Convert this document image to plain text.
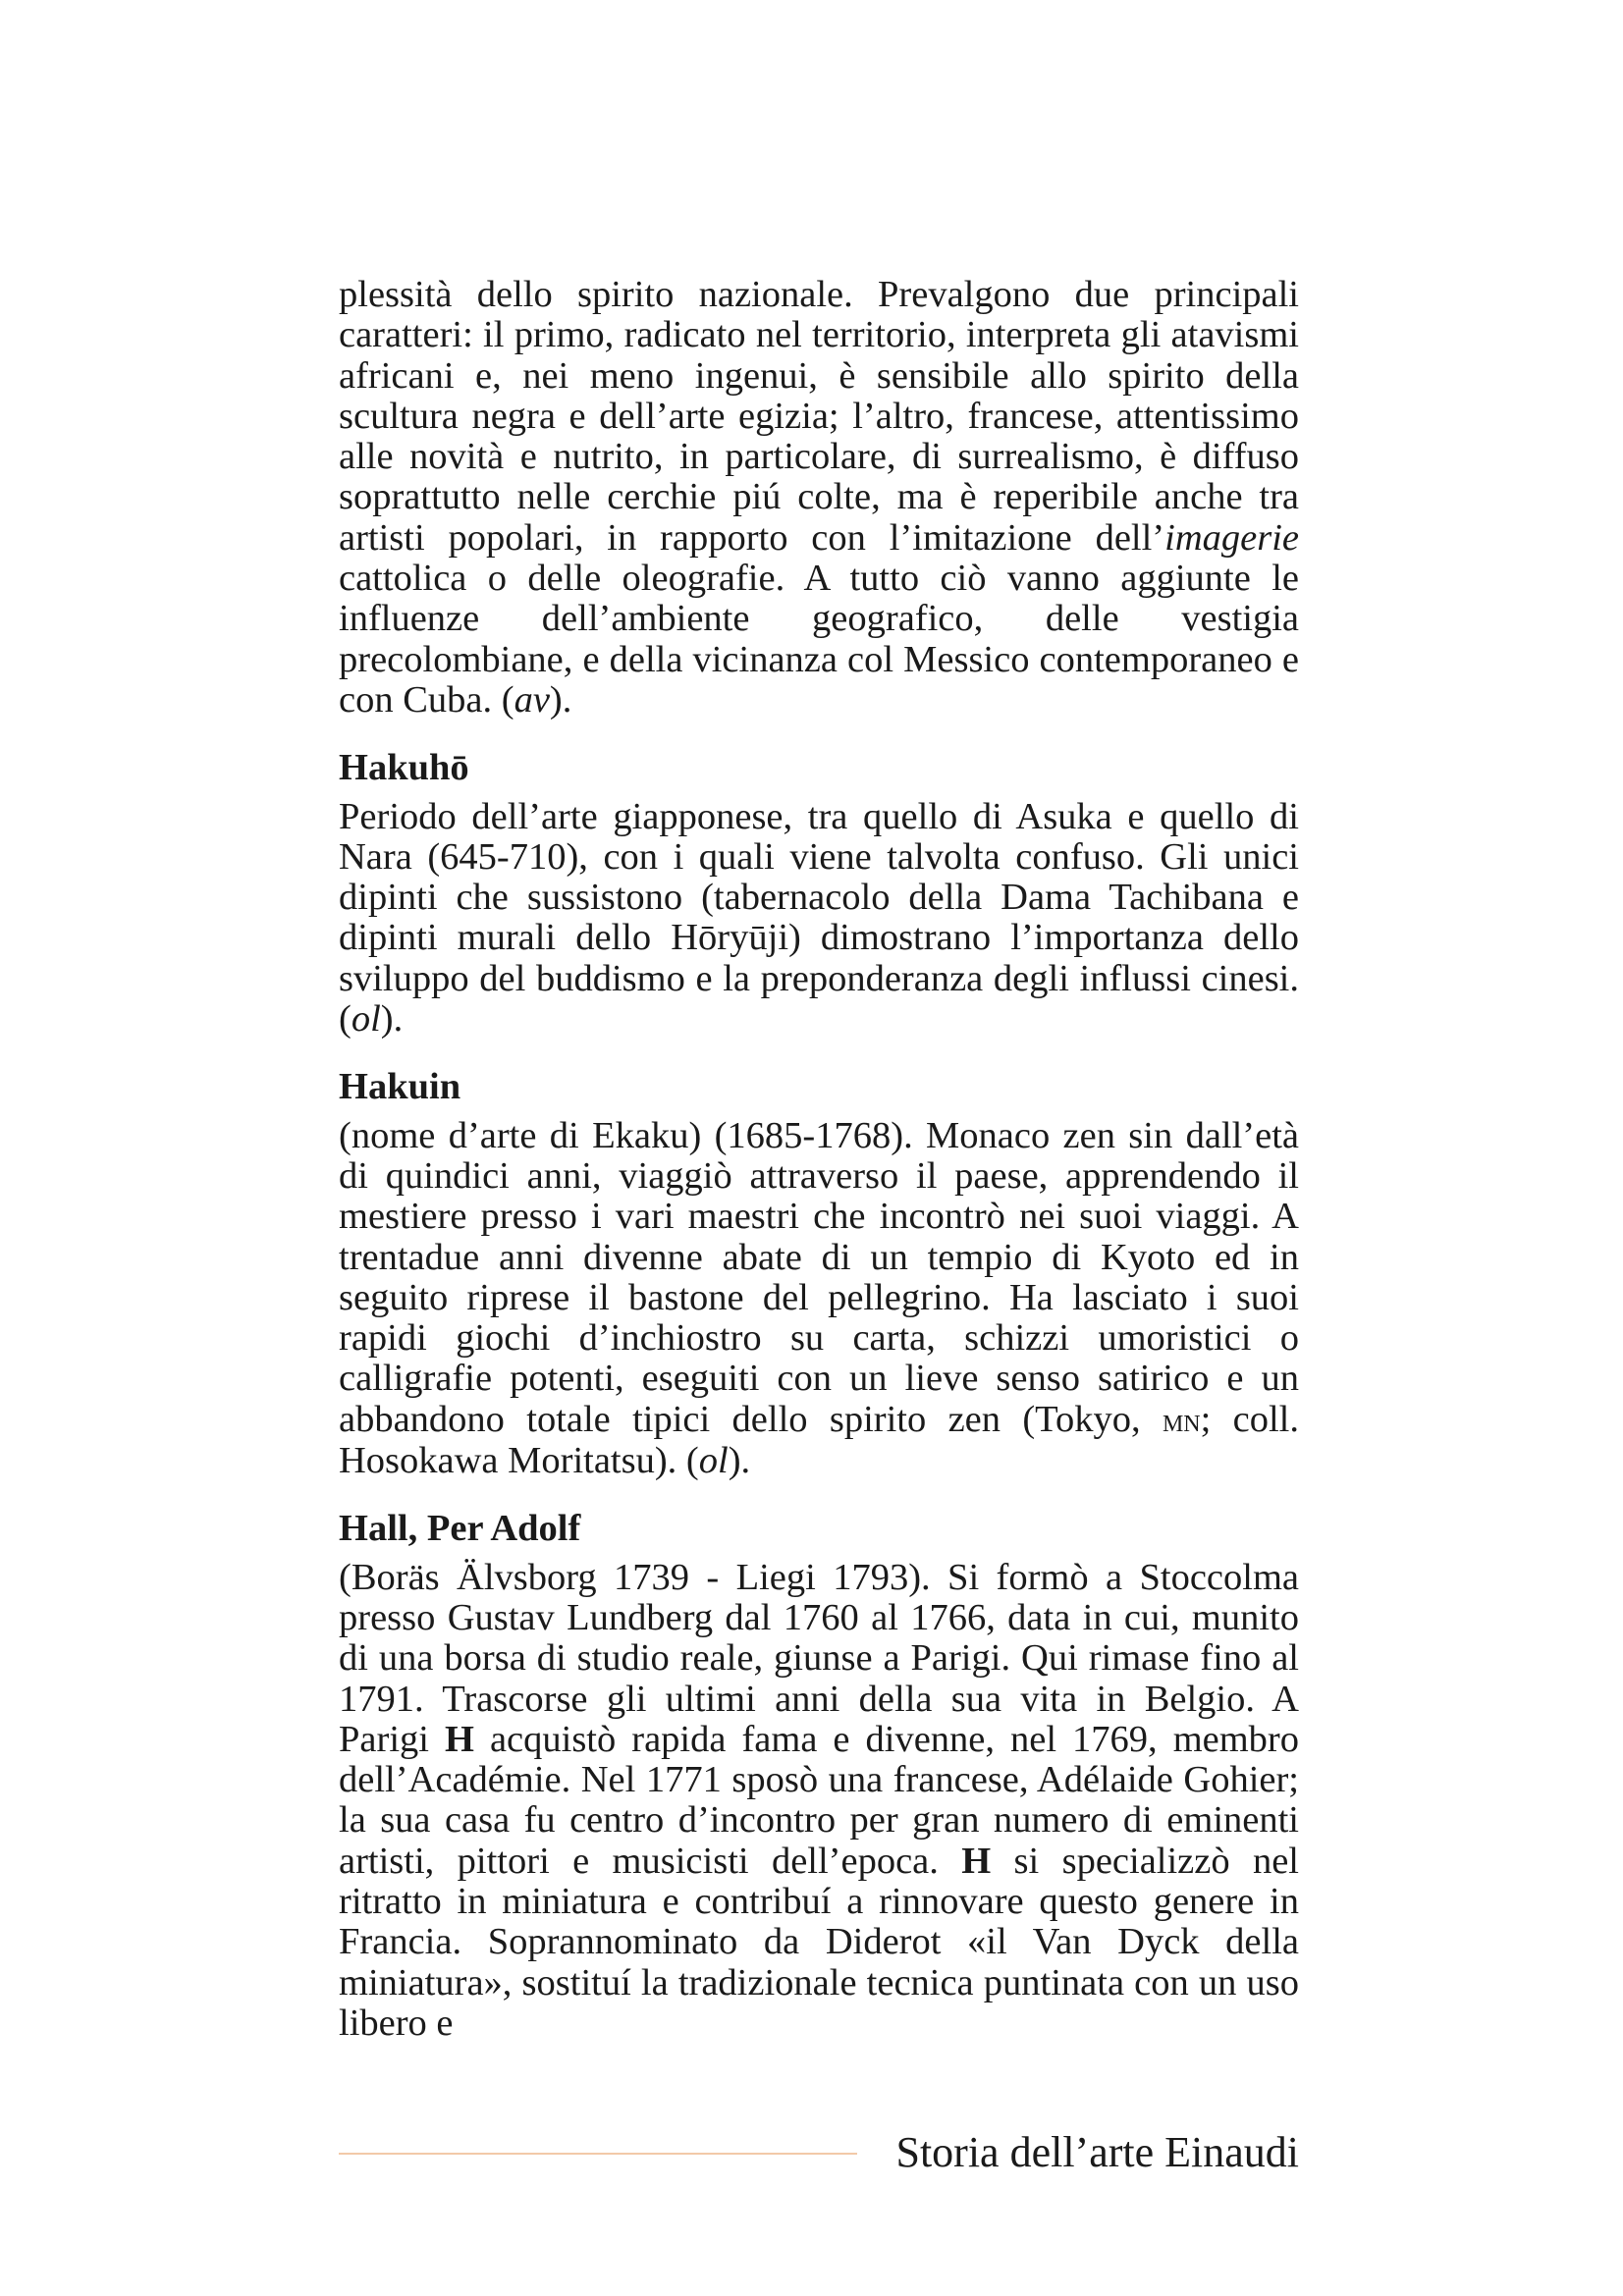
plessità dello spirito nazionale. Prevalgono due principali caratteri: il primo, radicato nel territorio, interpreta gli atavismi africani e, nei meno ingenui, è sensibile allo spirito della scultura negra e dell’arte egizia; l’altro, francese, attentissimo alle novità e nutrito, in particolare, di surrealismo, è diffuso soprattutto nelle cerchie piú colte, ma è reperibile anche tra artisti popolari, in rapporto con l’imitazione dell’imagerie cattolica o delle oleografie. A tutto ciò vanno aggiunte le influenze dell’ambiente geografico, delle vestigia precolombiane, e della vicinanza col Messico contemporaneo e con Cuba. (av).

Hakuhō

Periodo dell’arte giapponese, tra quello di Asuka e quello di Nara (645-710), con i quali viene talvolta confuso. Gli unici dipinti che sussistono (tabernacolo della Dama Tachibana e dipinti murali dello Hōryūji) dimostrano l’importanza dello sviluppo del buddismo e la preponderanza degli influssi cinesi. (ol).

Hakuin

(nome d’arte di Ekaku) (1685-1768). Monaco zen sin dall’età di quindici anni, viaggiò attraverso il paese, apprendendo il mestiere presso i vari maestri che incontrò nei suoi viaggi. A trentadue anni divenne abate di un tempio di Kyoto ed in seguito riprese il bastone del pellegrino. Ha lasciato i suoi rapidi giochi d’inchiostro su carta, schizzi umoristici o calligrafie potenti, eseguiti con un lieve senso satirico e un abbandono totale tipici dello spirito zen (Tokyo, mn; coll. Hosokawa Moritatsu). (ol).

Hall, Per Adolf

(Boräs Älvsborg 1739 - Liegi 1793). Si formò a Stoccolma presso Gustav Lundberg dal 1760 al 1766, data in cui, munito di una borsa di studio reale, giunse a Parigi. Qui rimase fino al 1791. Trascorse gli ultimi anni della sua vita in Belgio. A Parigi H acquistò rapida fama e divenne, nel 1769, membro dell’Académie. Nel 1771 sposò una francese, Adélaide Gohier; la sua casa fu centro d’incontro per gran numero di eminenti artisti, pittori e musicisti dell’epoca. H si specializzò nel ritratto in miniatura e contribuí a rinnovare questo genere in Francia. Soprannominato da Diderot «il Van Dyck della miniatura», sostituí la tradizionale tecnica puntinata con un uso libero e

Storia dell’arte Einaudi
